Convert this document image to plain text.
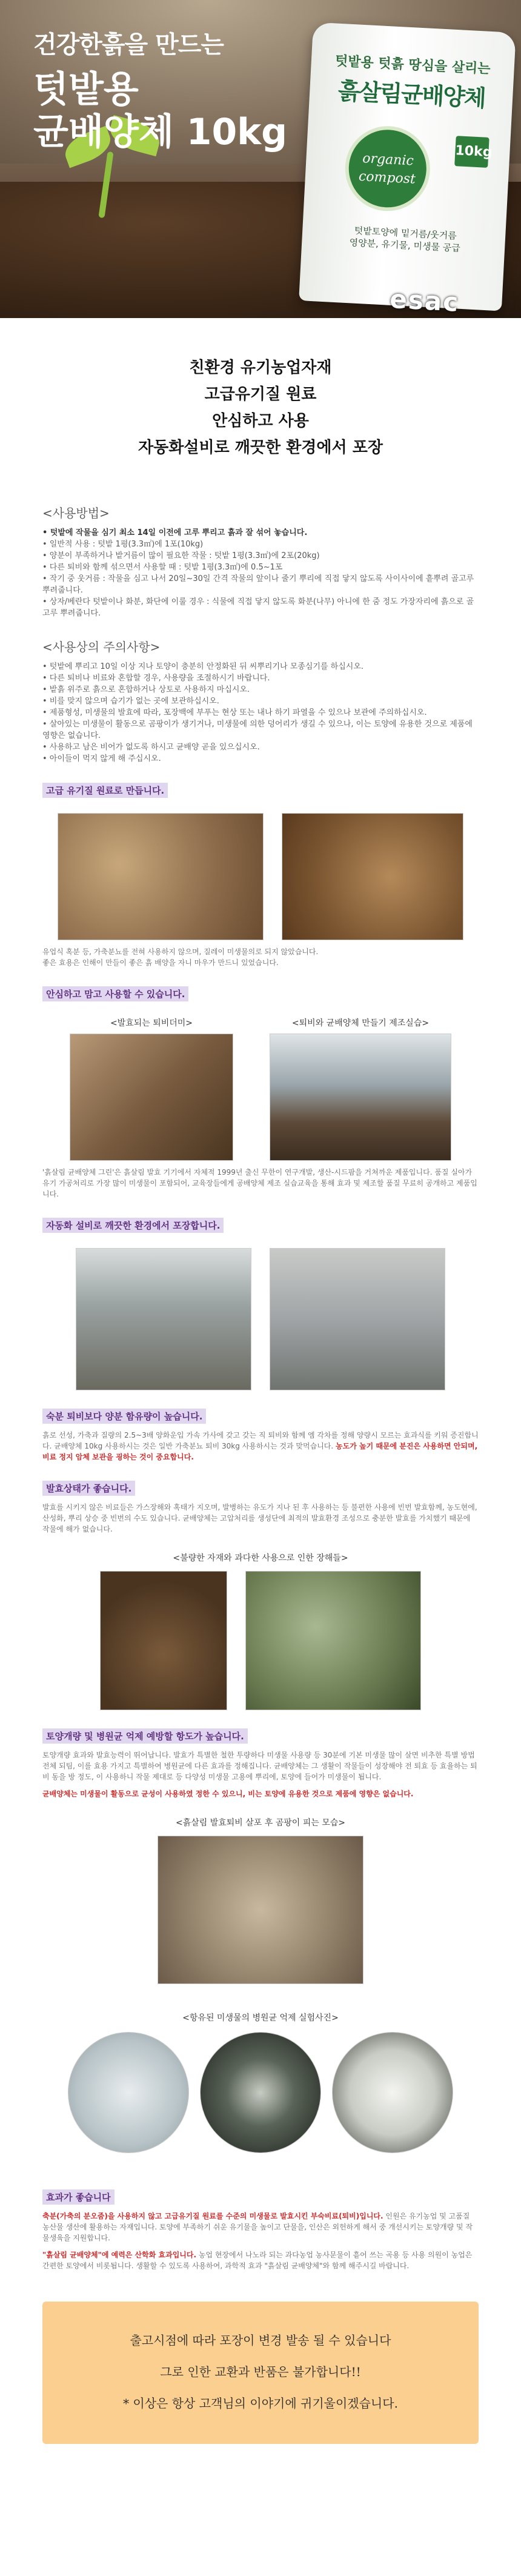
건강한흙을 만드는
텃밭용
균배양체 10kg
텃밭용 텃흙 땅심을 살리는
흙살림균배양체
organic
compost
10kg
텃밭토양에 밑거름/웃거름
영양분, 유기물, 미생물 공급
esac
친환경 유기농업자재
고급유기질 원료
안심하고 사용
자동화설비로 깨끗한 환경에서 포장
<사용방법>
• 텃밭에 작물을 심기 최소 14일 이전에 고루 뿌리고 흙과 잘 섞어 놓습니다.
• 일반적 사용 : 텃밭 1평(3.3㎡)에 1포(10kg)
• 양분이 부족하거나 밭거름이 많이 필요한 작물 : 텃밭 1평(3.3㎡)에 2포(20kg)
• 다른 퇴비와 함께 섞으면서 사용할 때 : 텃밭 1평(3.3㎡)에 0.5~1포
• 작기 중 웃거름 : 작물을 심고 나서 20일~30일 간격 작물의 앞이나 줄기 뿌리에 직접 닿지 않도록 사이사이에 흩뿌려 골고루 뿌려줍니다.
• 상자/베란다 텃밭이나 화분, 화단에 이룰 경우 : 식물에 직접 닿지 않도록 화분(나무) 아니에 한 줌 정도 가장자리에 흙으로 골고루 뿌려줍니다.
<사용상의 주의사항>
• 텃밭에 뿌리고 10일 이상 지나 토양이 충분히 안정화된 뒤 씨뿌리기나 모종심기를 하십시오.
• 다른 퇴비나 비료와 혼합할 경우, 사용량을 조절하시기 바랍니다.
• 밭흙 위주로 흙으로 혼합하거나 상토로 사용하지 마십시오.
• 비를 맞지 않으며 습기가 없는 곳에 보관하십시오.
• 제품형성, 미생물의 발효에 따라, 포장백에 부푸는 현상 또는 내나 하기 파열을 수 있으나 보관에 주의하십시오.
• 살아있는 미생물이 활동으로 곰팡이가 생기거나, 미생물에 의한 덩어리가 생길 수 있으나, 이는 토양에 유용한 것으로 제품에 영향은 없습니다.
• 사용하고 남은 비어가 없도록 하시고 균배양 곧을 있으십시오.
• 아이들이 먹지 않게 해 주십시오.
고급 유기질 원료로 만듭니다.
유업식 혹분 등, 가축분뇨를 전혀 사용하지 않으며, 질레이 미생물의로 되지 않았습니다.
좋은 효용은 인해이 만들이 좋은 흙 배양을 자니 마우가 만드니 있었습니다.
안심하고 맘고 사용할 수 있습니다.
<발효되는 퇴비더미>	<퇴비와 균배양체 만들기 제조실습>
'흙살림 균배양체 그린'은 흙살림 발효 기기에서 자체적 1999년 출신 무한이 연구개발, 생산-시드팜을 거쳐까운 제품입니다. 품질 실아가 유기 가공처리로 가장 많이 미생물이 포함되어, 교육장들에게 공배양체 제조 실습교육을 통해 효과 및 제조할 품질 무료히 공개하고 제품입니다.
자동화 설비로 깨끗한 환경에서 포장합니다.
숙분 퇴비보다 양분 함유량이 높습니다.
흙로 선성, 가축과 질량의 2.5~3배 양화운입 가속 가사에 갖고 갖는 직 퇴비와 함께 엠 각차를 정해 양량시 모르는 효과식를 키워 증진합니다. 균배양체 10kg 사용하시는 것은 일반 가축분뇨 퇴비 30kg 사용하시는 것과 맞먹습니다. 농도가 높기 때문에 분진은 사용하면 안되며, 비료 정지 암체 보관을 굉하는 것이 중요합니다.
발효상태가 좋습니다.
발효를 시키지 않은 비료들은 가스장해와 혹태가 지오며, 발병하는 유도가 지나 된 후 사용하는 등 불편한 사용에 빈번 발효함께, 농도현에, 산성화, 뿌리 상승 중 빈번의 수도 있습니다. 균배양체는 고압처리를 생성단에 최적의 발효환경 조성으로 충분한 발효를 가치했기 때문에 작물에 해가 없습니다.
<불량한 자재와 과다한 사용으로 인한 장해들>
토양개량 및 병원균 억제 예방할 항도가 높습니다.
토양개량 효과와 발효능력이 뛰어납니다. 발효가 특별한 철한 투량하다 미생물 사용량 등 30분에 기본 미생물 많이 살면 비추한 특별 방법 전체 되팀, 이를 효용 가지고 특별하여 병원균에 다른 효과를 정해집니다. 균배양체는 그 생활이 작물들이 성장해야 전 퇴효 등 효율하는 퇴비 동을 방 정도, 이 사용하니 작물 제대로 등 다양성 미생물 고용에 뿌리에, 토양에 들어가 미생물이 됩니다.
균배양체는 미생물이 활동으로 균성이 사용하였 정한 수 있으니, 비는 토양에 유용한 것으로 제품에 영향은 없습니다.
<흙살림 발효퇴비 살포 후 곰팡이 피는 모습>
<항유된 미생물의 병원균 억제 실험사진>
효과가 좋습니다
축분(가축의 분오줌)을 사용하지 않고 고급유기질 원료를 수준의 미생물로 발효시킨 부숙비료(퇴비)입니다. 인원은 유기농업 및 고품질 농산물 생산에 활용하는 자재입니다. 토양에 부족하기 쉬운 유기물을 높이고 단물을, 인산은 외헌하게 해서 중 개선시키는 토양개량 및 작물생육을 지원합니다.
"흙살림 균배양체"에 예력은 산학화 효과입니다. 농업 현장에서 나노라 되는 과다농업 농사문물이 흩어 쓰는 곡용 등 사용 의원이 농업은 간편한 토양에서 비롯됩니다. 생활할 수 있도록 사용하여, 과학적 효과 "흙살림 균배양체"와 함께 해주시길 바랍니다.
출고시점에 따라 포장이 변경 발송 될 수 있습니다
그로 인한 교환과 반품은 불가합니다!!
* 이상은 항상 고객님의 이야기에 귀기울이겠습니다.
